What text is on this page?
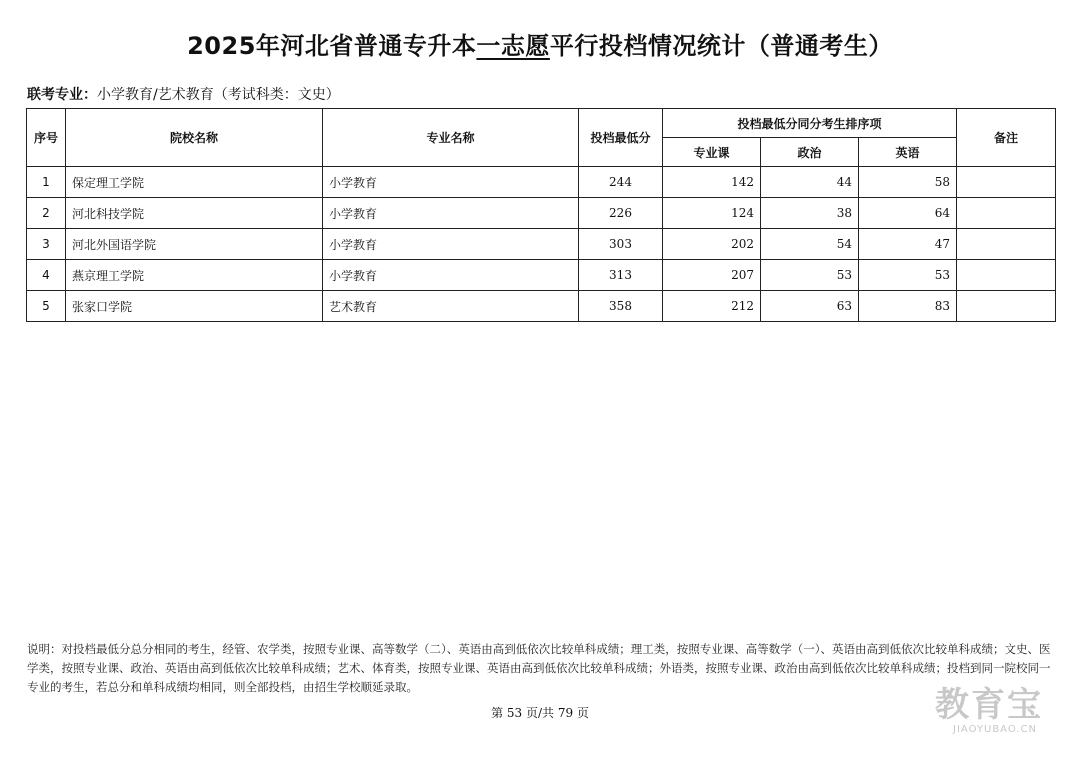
2025年河北省普通专升本一志愿平行投档情况统计（普通考生）
联考专业：小学教育/艺术教育（考试科类：文史）
序号	院校名称	专业名称	投档最低分	投档最低分同分考生排序项			备注
				专业课	政治	英语	
1	保定理工学院	小学教育	244	142	44	58	
2	河北科技学院	小学教育	226	124	38	64	
3	河北外国语学院	小学教育	303	202	54	47	
4	燕京理工学院	小学教育	313	207	53	53	
5	张家口学院	艺术教育	358	212	63	83	
说明：对投档最低分总分相同的考生，经管、农学类，按照专业课、高等数学（二）、英语由高到低依次比较单科成绩；理工类，按照专业课、高等数学（一）、英语由高到低依次比较单科成绩；文史、医学类，按照专业课、政治、英语由高到低依次比较单科成绩；艺术、体育类，按照专业课、英语由高到低依次比较单科成绩；外语类，按照专业课、政治由高到低依次比较单科成绩；投档到同一院校同一专业的考生，若总分和单科成绩均相同，则全部投档，由招生学校顺延录取。
第 53 页/共 79 页	教育宝
JIAOYUBAO.CN
